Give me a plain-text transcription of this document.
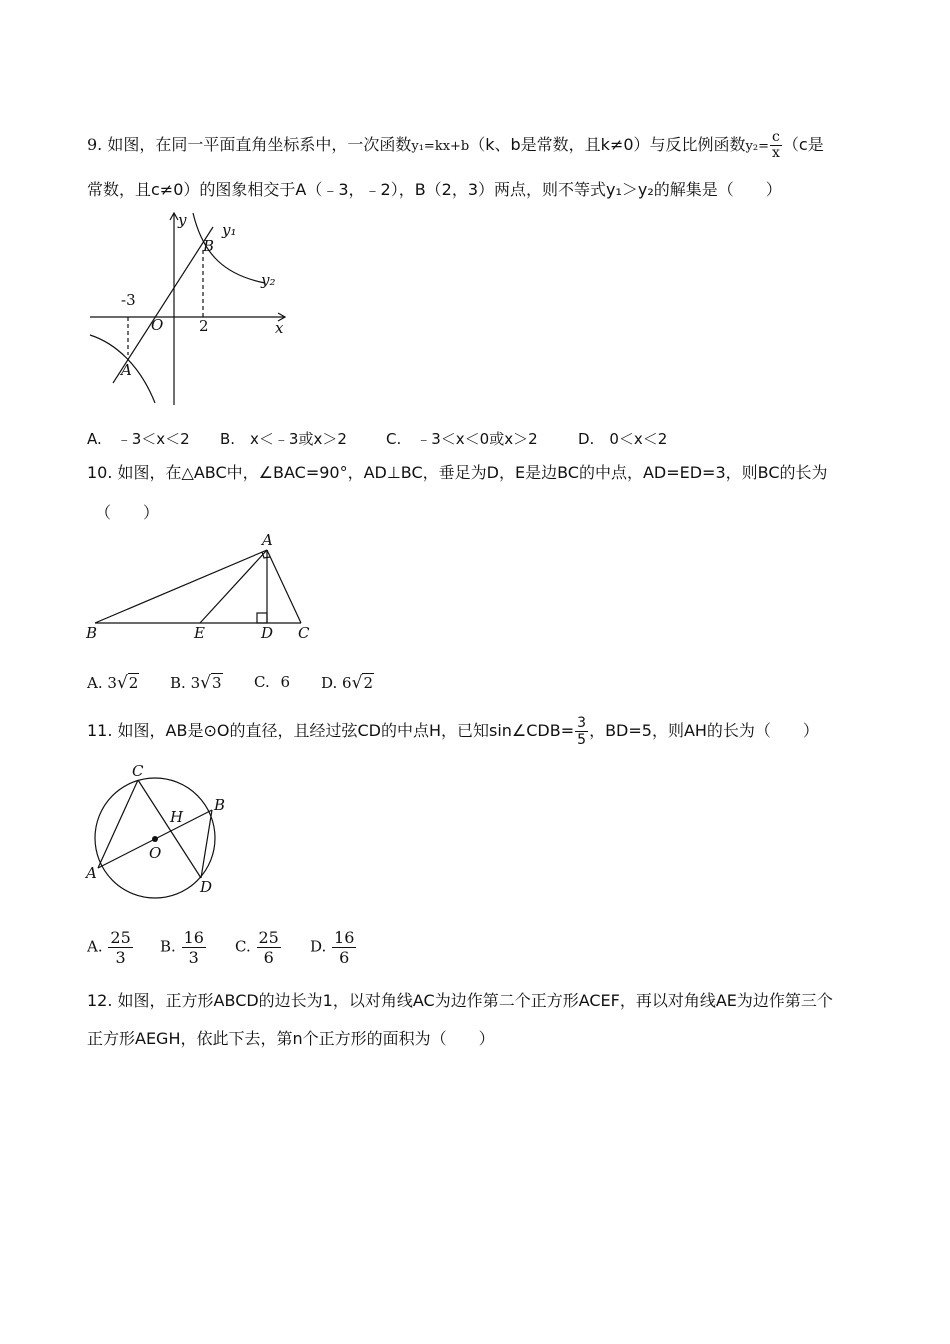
9. 如图，在同一平面直角坐标系中，一次函数y₁=kx+b（k、b是常数，且k≠0）与反比例函数$y_2= \frac{c}{x} (c$是
常数，且c≠0）的图象相交于A（﹣3，﹣2），B（2，3）两点，则不等式y₁＞y₂的解集是（　　）
y
x
O
y₁
y₂
B
A
-3
2
A.　﹣3＜x＜2 B.　x＜﹣3或x＞2	C.　﹣3＜x＜0或x＞2	D.　0＜x＜2
10. 如图，在△ABC中，∠BAC=90°，AD⊥BC，垂足为D，E是边BC的中点，AD=ED=3，则BC的长为
（　　）
A
B	E	D C
A. 3√2 B. 3√3 C. 6 D. 6√2
11. 如图，AB是⊙O的直径，且经过弦CD的中点H，已知sin∠CDB= $\frac{3}{5}$ ，BD=5，则AH的长为（　　）
C
B
H
O
A
D
A. $\frac{25}{3} B$. $\frac{16}{3} C$. $\frac{25}{6} D$. $\frac{16}{6}$
12. 如图，正方形ABCD的边长为1，以对角线AC为边作第二个正方形ACEF，再以对角线AE为边作第三个
正方形AEGH，依此下去，第n个正方形的面积为（　　）
